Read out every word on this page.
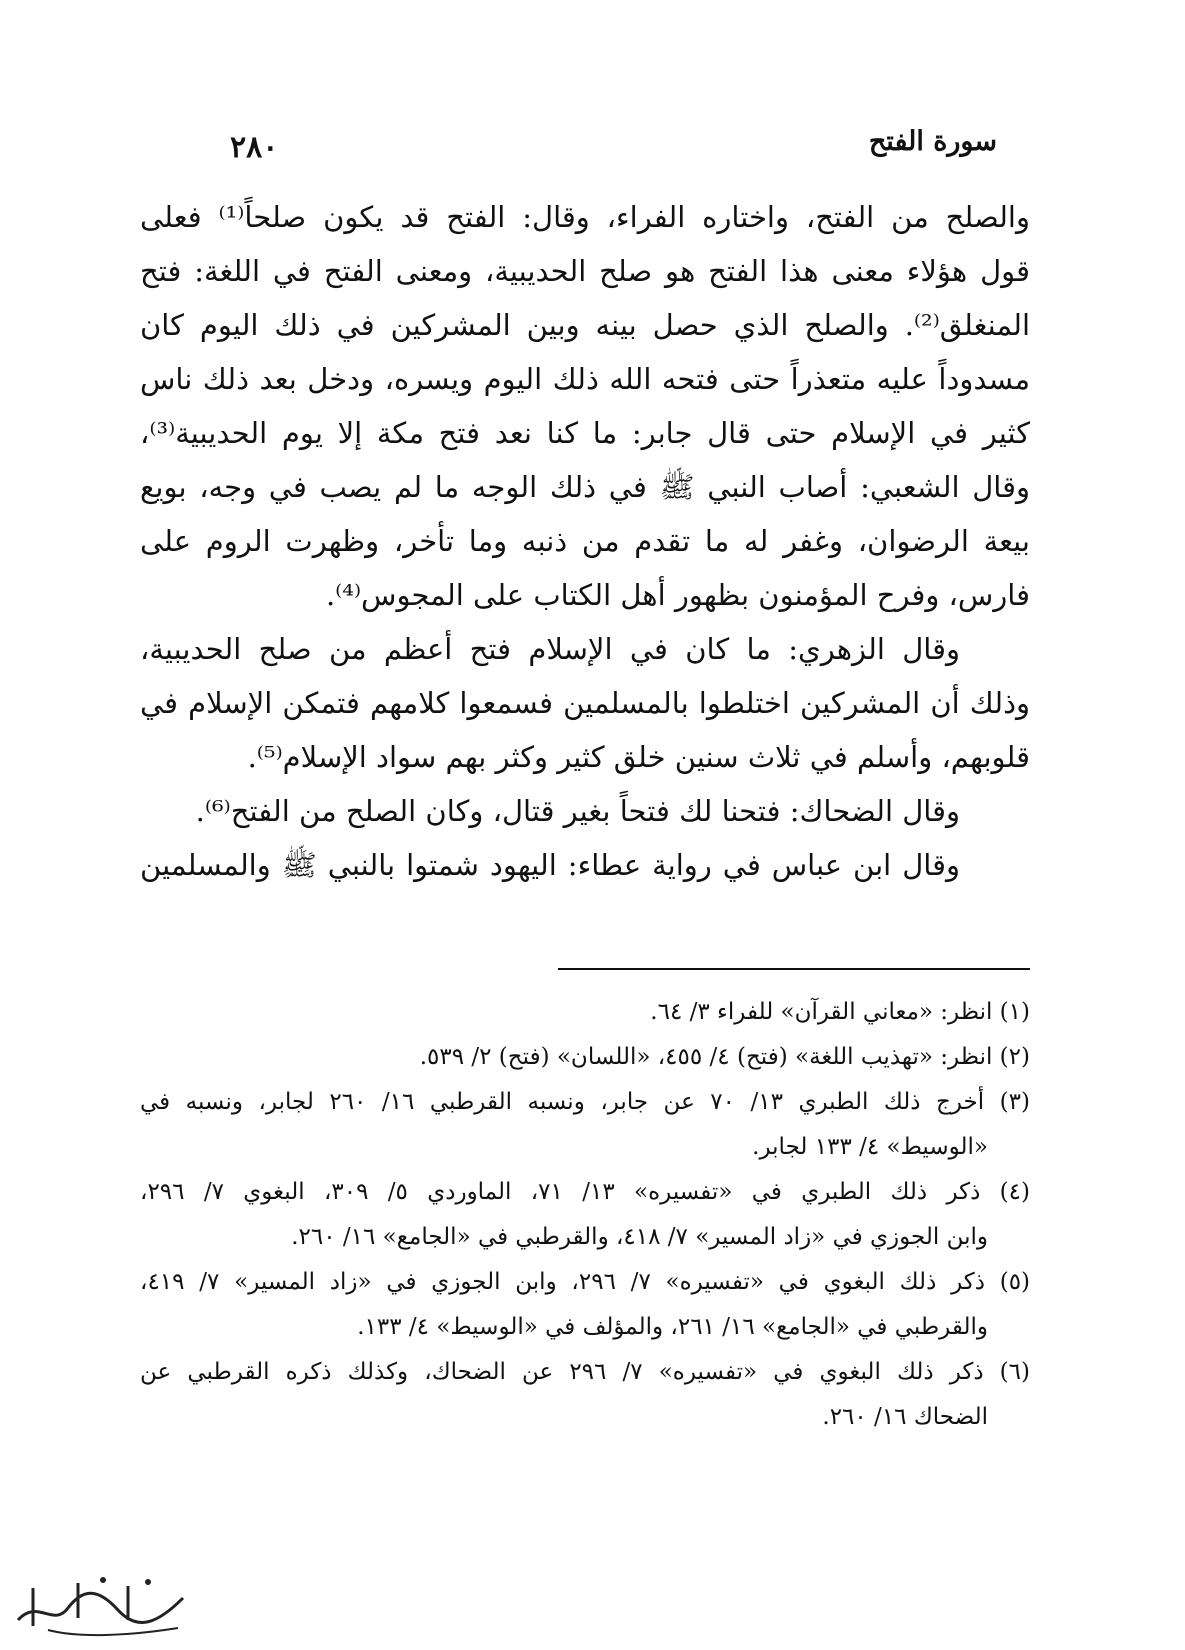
سورة الفتح
٢٨٠
والصلح من الفتح، واختاره الفراء، وقال: الفتح قد يكون صلحاً⁽¹⁾ فعلى
قول هؤلاء معنى هذا الفتح هو صلح الحديبية، ومعنى الفتح في اللغة: فتح
المنغلق⁽²⁾. والصلح الذي حصل بينه وبين المشركين في ذلك اليوم كان
مسدوداً عليه متعذراً حتى فتحه الله ذلك اليوم ويسره، ودخل بعد ذلك ناس
كثير في الإسلام حتى قال جابر: ما كنا نعد فتح مكة إلا يوم الحديبية⁽³⁾،
وقال الشعبي: أصاب النبي ﷺ في ذلك الوجه ما لم يصب في وجه، بويع
بيعة الرضوان، وغفر له ما تقدم من ذنبه وما تأخر، وظهرت الروم على
فارس، وفرح المؤمنون بظهور أهل الكتاب على المجوس⁽⁴⁾.
وقال الزهري: ما كان في الإسلام فتح أعظم من صلح الحديبية،
وذلك أن المشركين اختلطوا بالمسلمين فسمعوا كلامهم فتمكن الإسلام في
قلوبهم، وأسلم في ثلاث سنين خلق كثير وكثر بهم سواد الإسلام⁽⁵⁾.
وقال الضحاك: فتحنا لك فتحاً بغير قتال، وكان الصلح من الفتح⁽⁶⁾.
وقال ابن عباس في رواية عطاء: اليهود شمتوا بالنبي ﷺ والمسلمين
(١) انظر: «معاني القرآن» للفراء ٣/ ٦٤.
(٢) انظر: «تهذيب اللغة» (فتح) ٤/ ٤٥٥، «اللسان» (فتح) ٢/ ٥٣٩.
(٣) أخرج ذلك الطبري ١٣/ ٧٠ عن جابر، ونسبه القرطبي ١٦/ ٢٦٠ لجابر، ونسبه في
«الوسيط» ٤/ ١٣٣ لجابر.
(٤) ذكر ذلك الطبري في «تفسيره» ١٣/ ٧١، الماوردي ٥/ ٣٠٩، البغوي ٧/ ٢٩٦،
وابن الجوزي في «زاد المسير» ٧/ ٤١٨، والقرطبي في «الجامع» ١٦/ ٢٦٠.
(٥) ذكر ذلك البغوي في «تفسيره» ٧/ ٢٩٦، وابن الجوزي في «زاد المسير» ٧/ ٤١٩،
والقرطبي في «الجامع» ١٦/ ٢٦١، والمؤلف في «الوسيط» ٤/ ١٣٣.
(٦) ذكر ذلك البغوي في «تفسيره» ٧/ ٢٩٦ عن الضحاك، وكذلك ذكره القرطبي عن
الضحاك ١٦/ ٢٦٠.
